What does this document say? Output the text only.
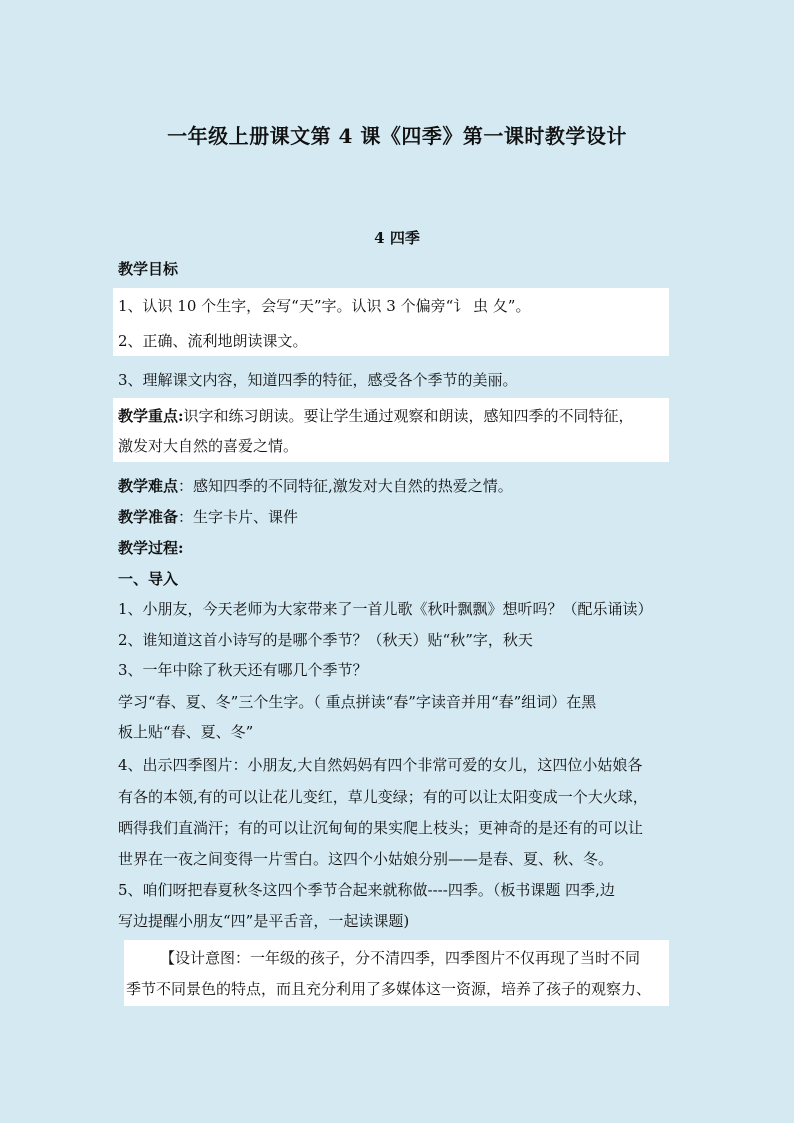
一年级上册课文第 4 课《四季》第一课时教学设计
4 四季
教学目标
1、认识 10 个生字，会写“天”字。认识 3 个偏旁“讠 虫 夂”。
2、正确、流利地朗读课文。
3、理解课文内容，知道四季的特征，感受各个季节的美丽。
教学重点:识字和练习朗读。要让学生通过观察和朗读，感知四季的不同特征，
激发对大自然的喜爱之情。
教学难点：感知四季的不同特征,激发对大自然的热爱之情。
教学准备：生字卡片、课件
教学过程:
一、导入
1、小朋友，今天老师为大家带来了一首儿歌《秋叶飘飘》想听吗？（配乐诵读）
2、谁知道这首小诗写的是哪个季节？（秋天）贴“秋”字，秋天
3、一年中除了秋天还有哪几个季节？
学习“春、夏、冬”三个生字。（ 重点拼读“春”字读音并用“春”组词）在黑
板上贴“春、夏、冬”
4、出示四季图片：小朋友,大自然妈妈有四个非常可爱的女儿，这四位小姑娘各
有各的本领,有的可以让花儿变红，草儿变绿；有的可以让太阳变成一个大火球，
晒得我们直淌汗；有的可以让沉甸甸的果实爬上枝头；更神奇的是还有的可以让
世界在一夜之间变得一片雪白。这四个小姑娘分别——是春、夏、秋、冬。
5、咱们呀把春夏秋冬这四个季节合起来就称做----四季。（板书课题 四季,边
写边提醒小朋友“四”是平舌音，一起读课题)
【设计意图：一年级的孩子，分不清四季，四季图片不仅再现了当时不同
季节不同景色的特点，而且充分利用了多媒体这一资源，培养了孩子的观察力、
